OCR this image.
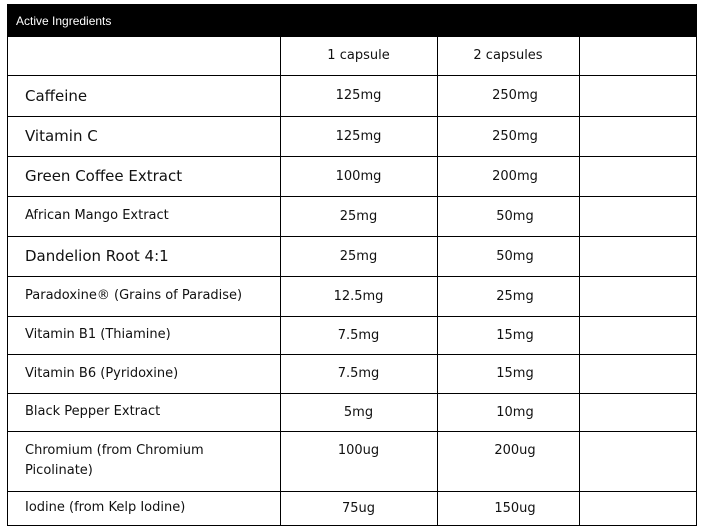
Active Ingredients
	1 capsule	2 capsules	
Caffeine	125mg	250mg	
Vitamin C	125mg	250mg	
Green Coffee Extract	100mg	200mg	
African Mango Extract	25mg	50mg	
Dandelion Root 4:1	25mg	50mg	
Paradoxine® (Grains of Paradise)	12.5mg	25mg	
Vitamin B1 (Thiamine)	7.5mg	15mg	
Vitamin B6 (Pyridoxine)	7.5mg	15mg	
Black Pepper Extract	5mg	10mg	

Chromium (from Chromium
Picolinate)	100ug	200ug	
Iodine (from Kelp Iodine)	75ug	150ug	
